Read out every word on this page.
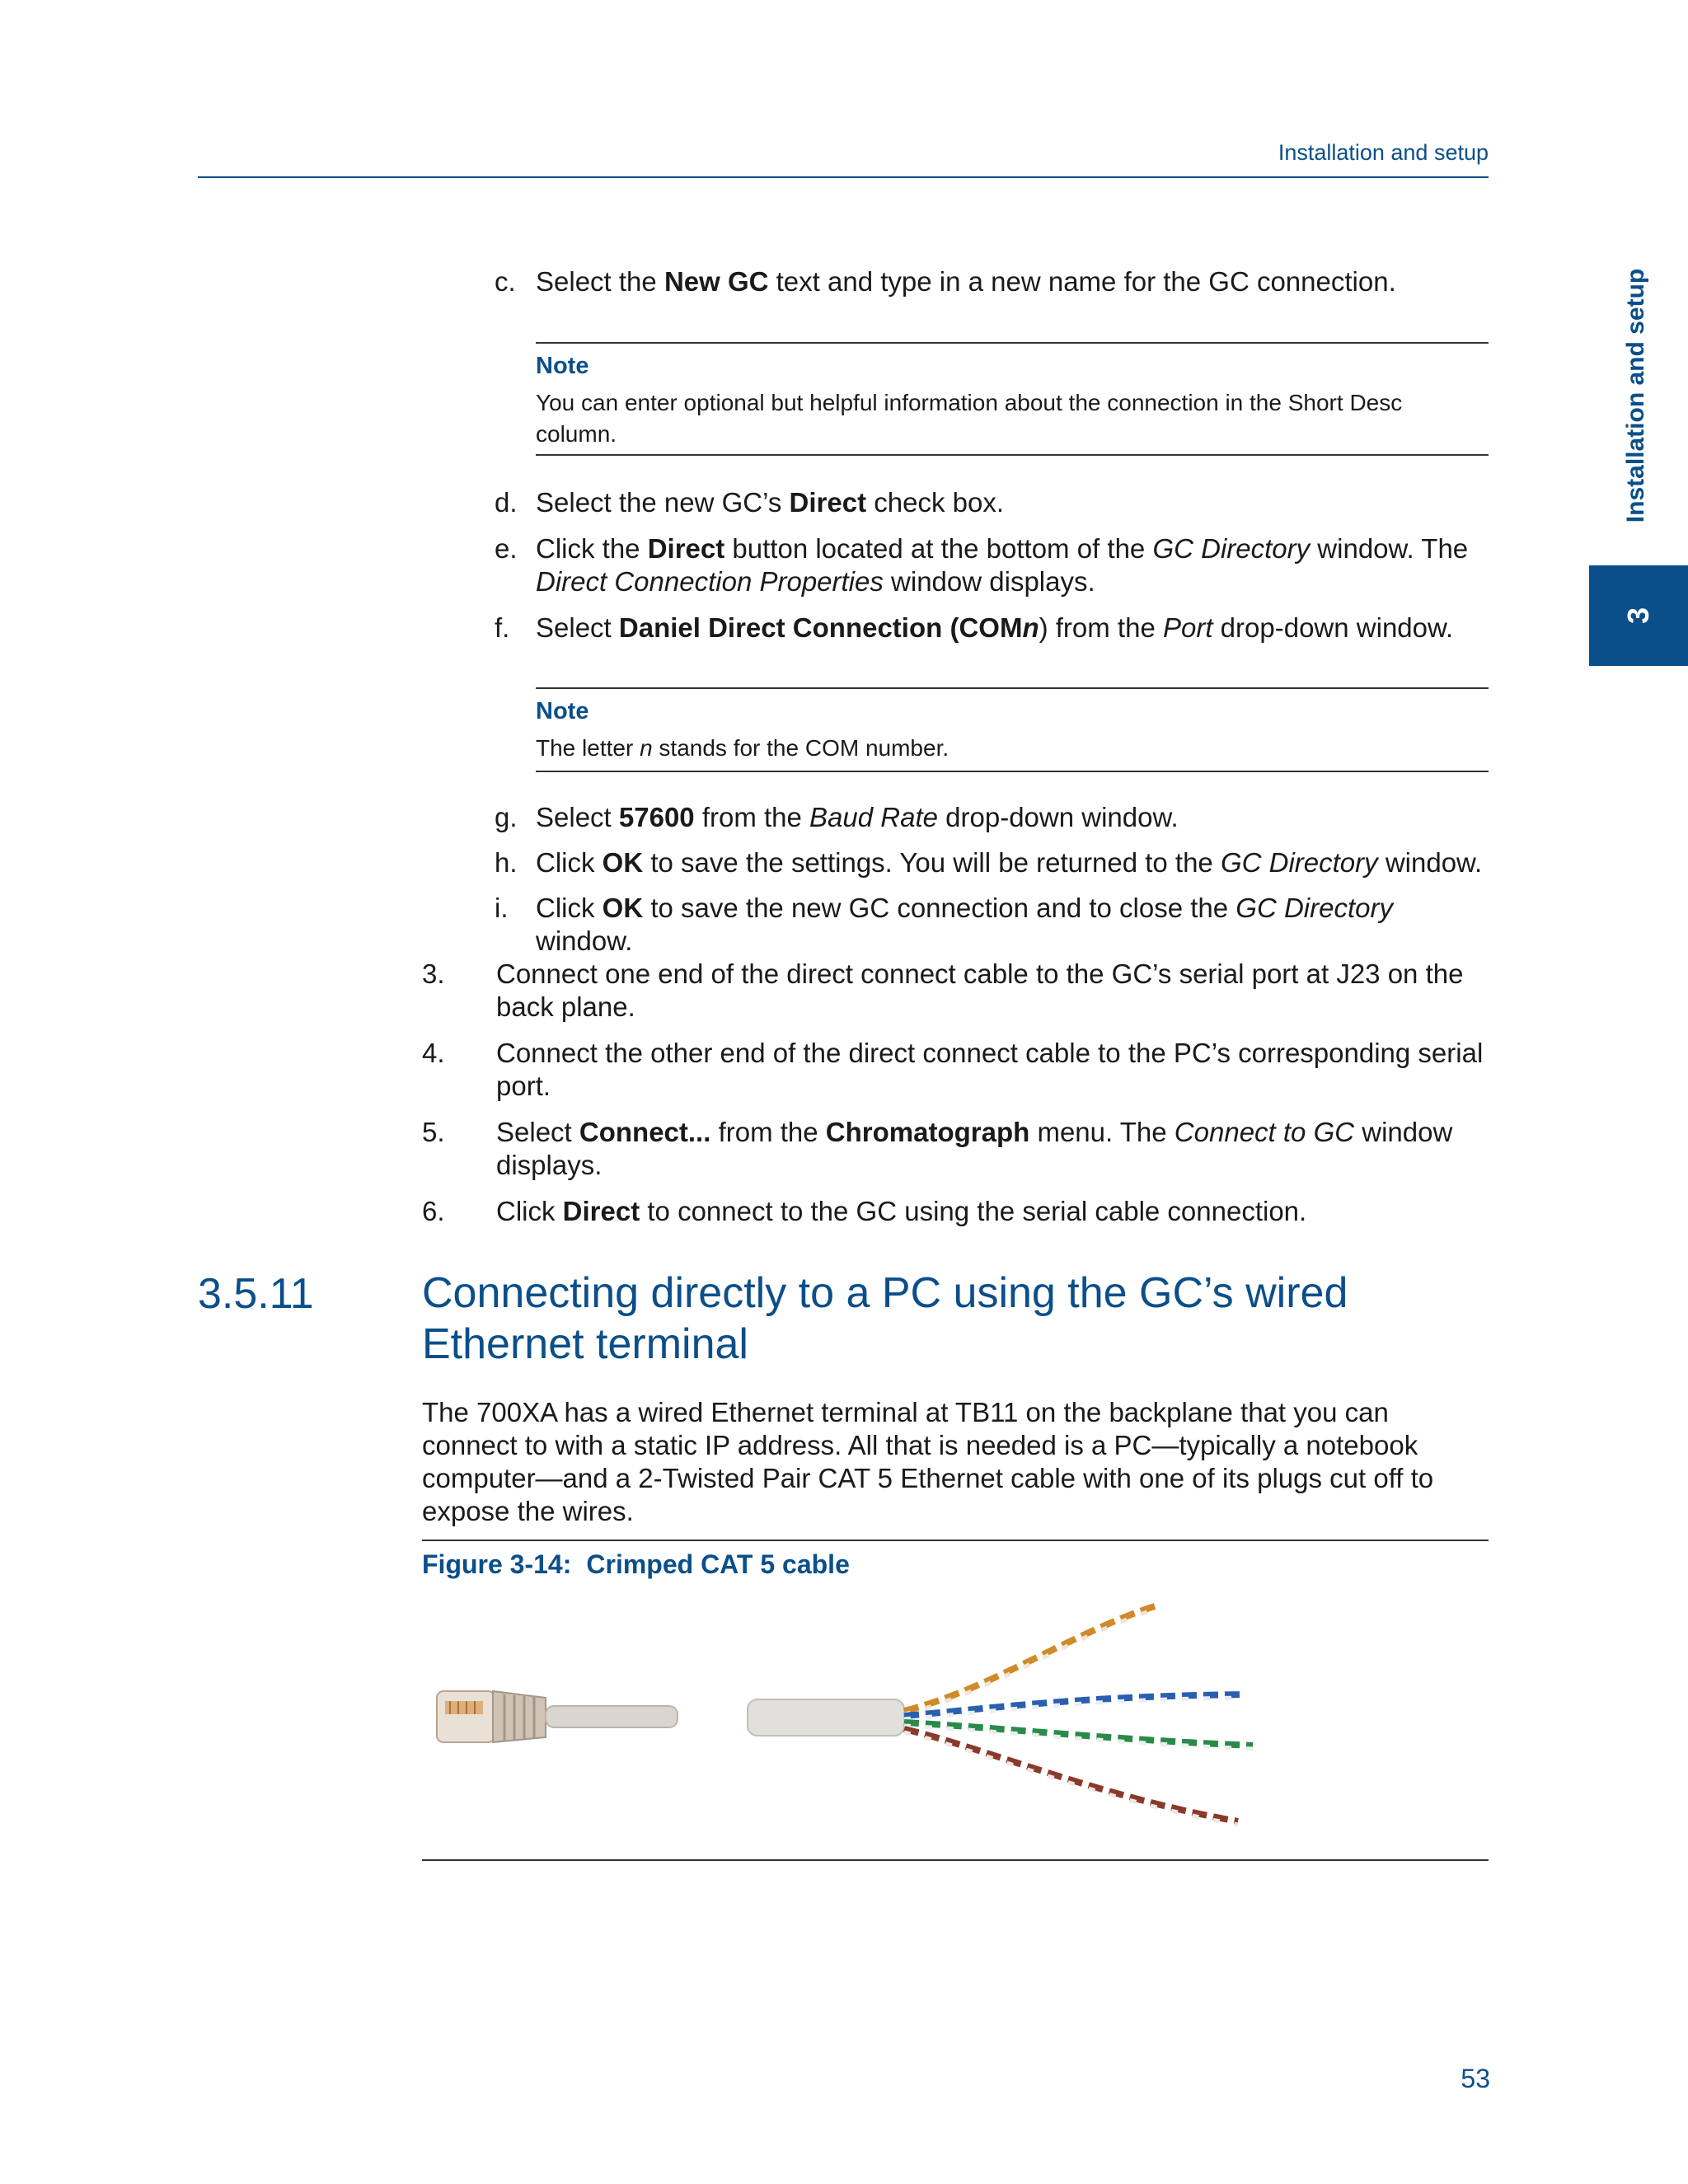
Installation and setup
Installation and setup
3
c. Select the New GC text and type in a new name for the GC connection.
Note
You can enter optional but helpful information about the connection in the Short Desc column.
d. Select the new GC’s Direct check box.
e. Click the Direct button located at the bottom of the GC Directory window. The Direct Connection Properties window displays.
f. Select Daniel Direct Connection (COMn) from the Port drop-down window.
Note
The letter n stands for the COM number.
g. Select 57600 from the Baud Rate drop-down window.
h. Click OK to save the settings. You will be returned to the GC Directory window.
i. Click OK to save the new GC connection and to close the GC Directory window.
3. Connect one end of the direct connect cable to the GC’s serial port at J23 on the back plane.
4. Connect the other end of the direct connect cable to the PC’s corresponding serial port.
5. Select Connect... from the Chromatograph menu. The Connect to GC window displays.
6. Click Direct to connect to the GC using the serial cable connection.
3.5.11	Connecting directly to a PC using the GC’s wired Ethernet terminal
The 700XA has a wired Ethernet terminal at TB11 on the backplane that you can connect to with a static IP address. All that is needed is a PC—typically a notebook computer—and a 2-Twisted Pair CAT 5 Ethernet cable with one of its plugs cut off to expose the wires.
Figure 3-14: Crimped CAT 5 cable
53
